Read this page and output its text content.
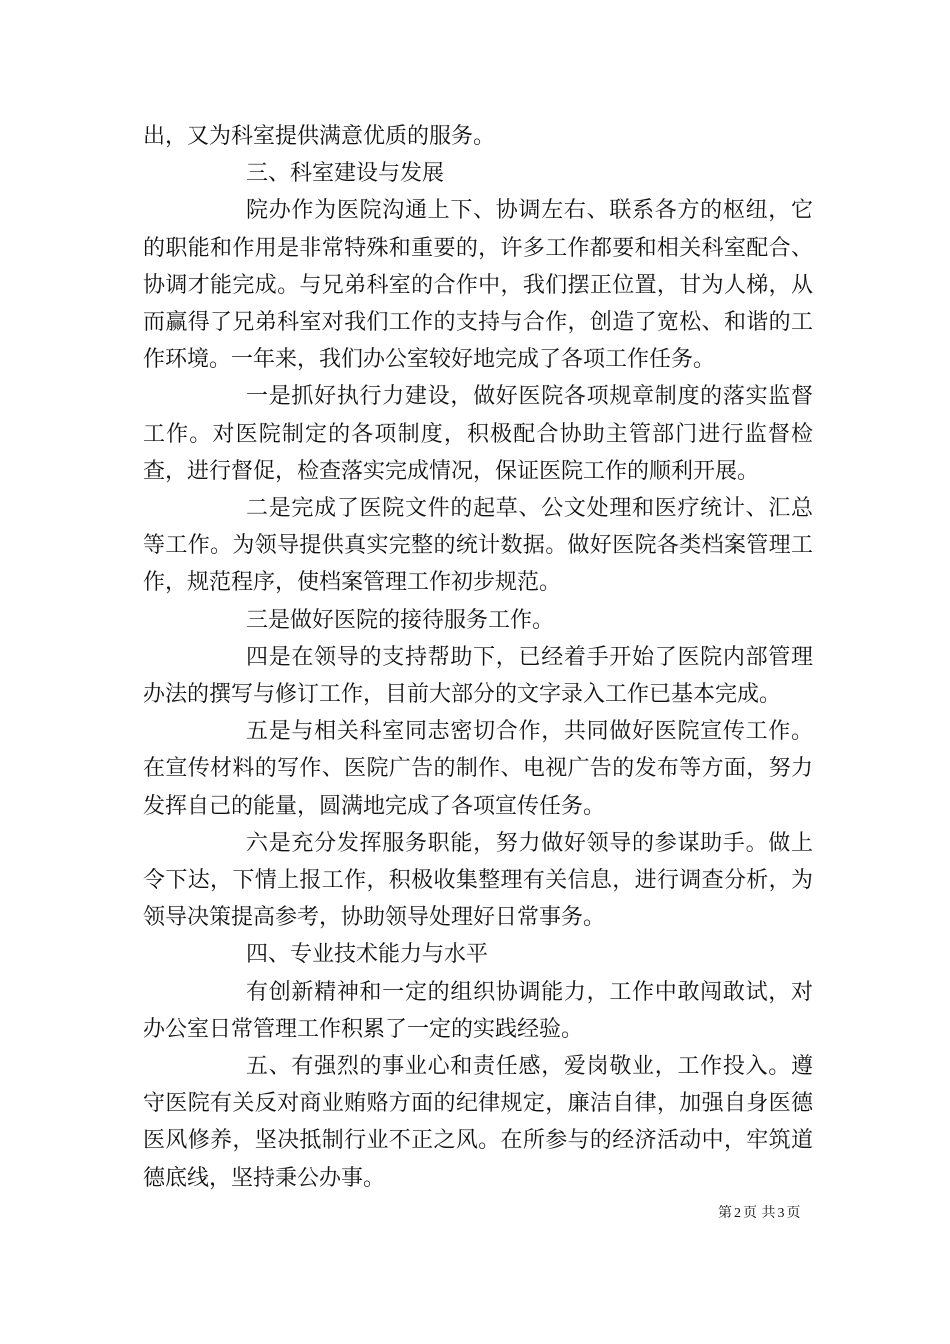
出，又为科室提供满意优质的服务。

三、科室建设与发展

院办作为医院沟通上下、协调左右、联系各方的枢纽，它的职能和作用是非常特殊和重要的，许多工作都要和相关科室配合、协调才能完成。与兄弟科室的合作中，我们摆正位置，甘为人梯，从而赢得了兄弟科室对我们工作的支持与合作，创造了宽松、和谐的工作环境。一年来，我们办公室较好地完成了各项工作任务。

一是抓好执行力建设，做好医院各项规章制度的落实监督工作。对医院制定的各项制度，积极配合协助主管部门进行监督检查，进行督促，检查落实完成情况，保证医院工作的顺利开展。

二是完成了医院文件的起草、公文处理和医疗统计、汇总等工作。为领导提供真实完整的统计数据。做好医院各类档案管理工作，规范程序，使档案管理工作初步规范。

三是做好医院的接待服务工作。

四是在领导的支持帮助下，已经着手开始了医院内部管理办法的撰写与修订工作，目前大部分的文字录入工作已基本完成。

五是与相关科室同志密切合作，共同做好医院宣传工作。在宣传材料的写作、医院广告的制作、电视广告的发布等方面，努力发挥自己的能量，圆满地完成了各项宣传任务。

六是充分发挥服务职能，努力做好领导的参谋助手。做上令下达，下情上报工作，积极收集整理有关信息，进行调查分析，为领导决策提高参考，协助领导处理好日常事务。

四、专业技术能力与水平

有创新精神和一定的组织协调能力，工作中敢闯敢试，对办公室日常管理工作积累了一定的实践经验。

五、有强烈的事业心和责任感，爱岗敬业，工作投入。遵守医院有关反对商业贿赂方面的纪律规定，廉洁自律，加强自身医德医风修养，坚决抵制行业不正之风。在所参与的经济活动中，牢筑道德底线，坚持秉公办事。

第 2 页 共 3 页
